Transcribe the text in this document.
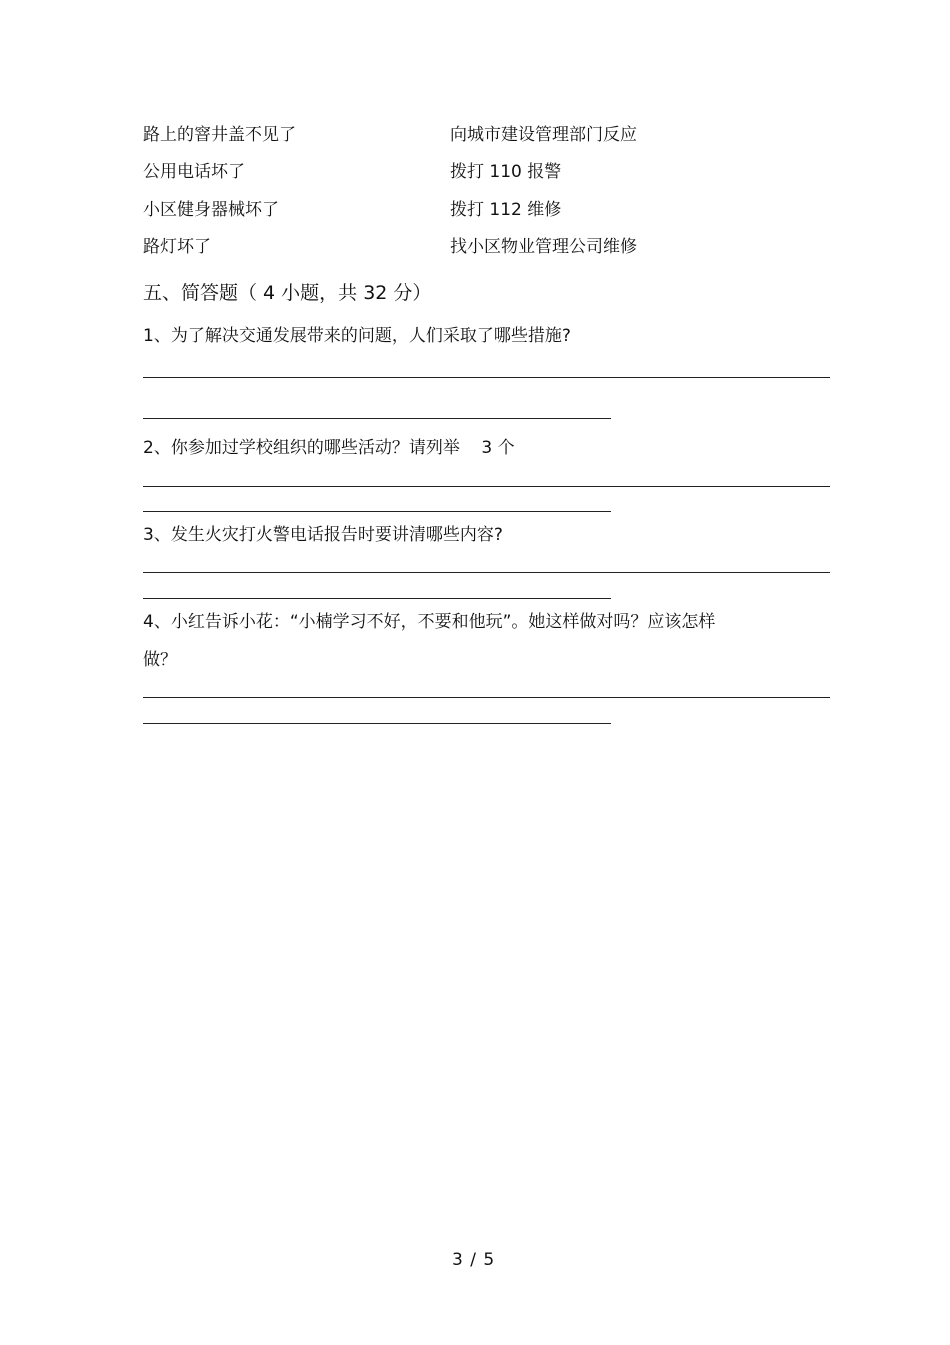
路上的窨井盖不见了	向城市建设管理部门反应
公用电话坏了	拨打 110 报警
小区健身器械坏了	拨打 112 维修
路灯坏了	找小区物业管理公司维修
五、简答题（ 4 小题，共 32 分）
1、为了解决交通发展带来的问题，人们采取了哪些措施?
2、你参加过学校组织的哪些活动？请列举    3 个
3、发生火灾打火警电话报告时要讲清哪些内容?
4、小红告诉小花：“小楠学习不好，不要和他玩”。她这样做对吗？应该怎样
做？
3 / 5
